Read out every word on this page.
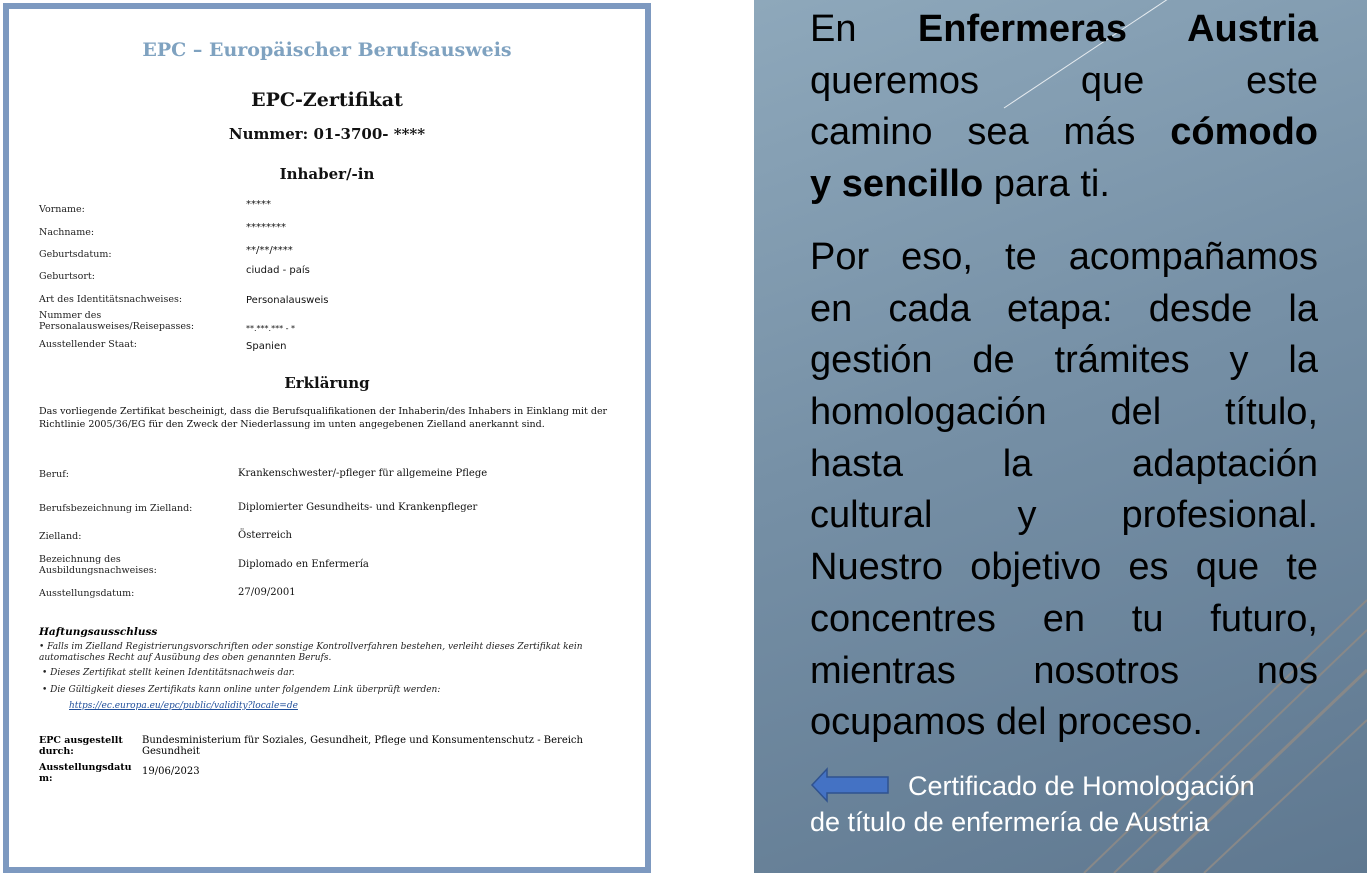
EPC – Europäischer Berufsausweis
EPC-Zertifikat
Nummer: 01-3700- ****
Inhaber/-in
Vorname:	*****
Nachname:	********
Geburtsdatum:	**/**/****
Geburtsort:
ciudad - país
Art des Identitätsnachweises:	Personalausweis
Nummer des Personalausweises/Reisepasses:	**.***.*** - *
Ausstellender Staat:	Spanien
Erklärung
Das vorliegende Zertifikat bescheinigt, dass die Berufsqualifikationen der Inhaberin/des Inhabers in Einklang mit der Richtlinie 2005/36/EG für den Zweck der Niederlassung im unten angegebenen Zielland anerkannt sind.
Beruf:	Krankenschwester/-pfleger für allgemeine Pflege
Berufsbezeichnung im Zielland:	Diplomierter Gesundheits- und Krankenpfleger
Zielland:	Österreich
Bezeichnung des Ausbildungsnachweises:
Diplomado en Enfermería
Ausstellungsdatum:	27/09/2001
Haftungsausschluss
• Falls im Zielland Registrierungsvorschriften oder sonstige Kontrollverfahren bestehen, verleiht dieses Zertifikat kein automatisches Recht auf Ausübung des oben genannten Berufs.
• Dieses Zertifikat stellt keinen Identitätsnachweis dar.
• Die Gültigkeit dieses Zertifikats kann online unter folgendem Link überprüft werden:
https://ec.europa.eu/epc/public/validity?locale=de
EPC ausgestellt durch:
Bundesministerium für Soziales, Gesundheit, Pflege und Konsumentenschutz - Bereich Gesundheit
Ausstellungsdatum:
19/06/2023
En Enfermeras Austria
queremos que este
camino sea más cómodo
y sencillo para ti.
Por eso, te acompañamos
en cada etapa: desde la
gestión de trámites y la
homologación del título,
hasta la adaptación
cultural y profesional.
Nuestro objetivo es que te
concentres en tu futuro,
mientras nosotros nos
ocupamos del proceso.
Certificado de Homologación
de título de enfermería de Austria
